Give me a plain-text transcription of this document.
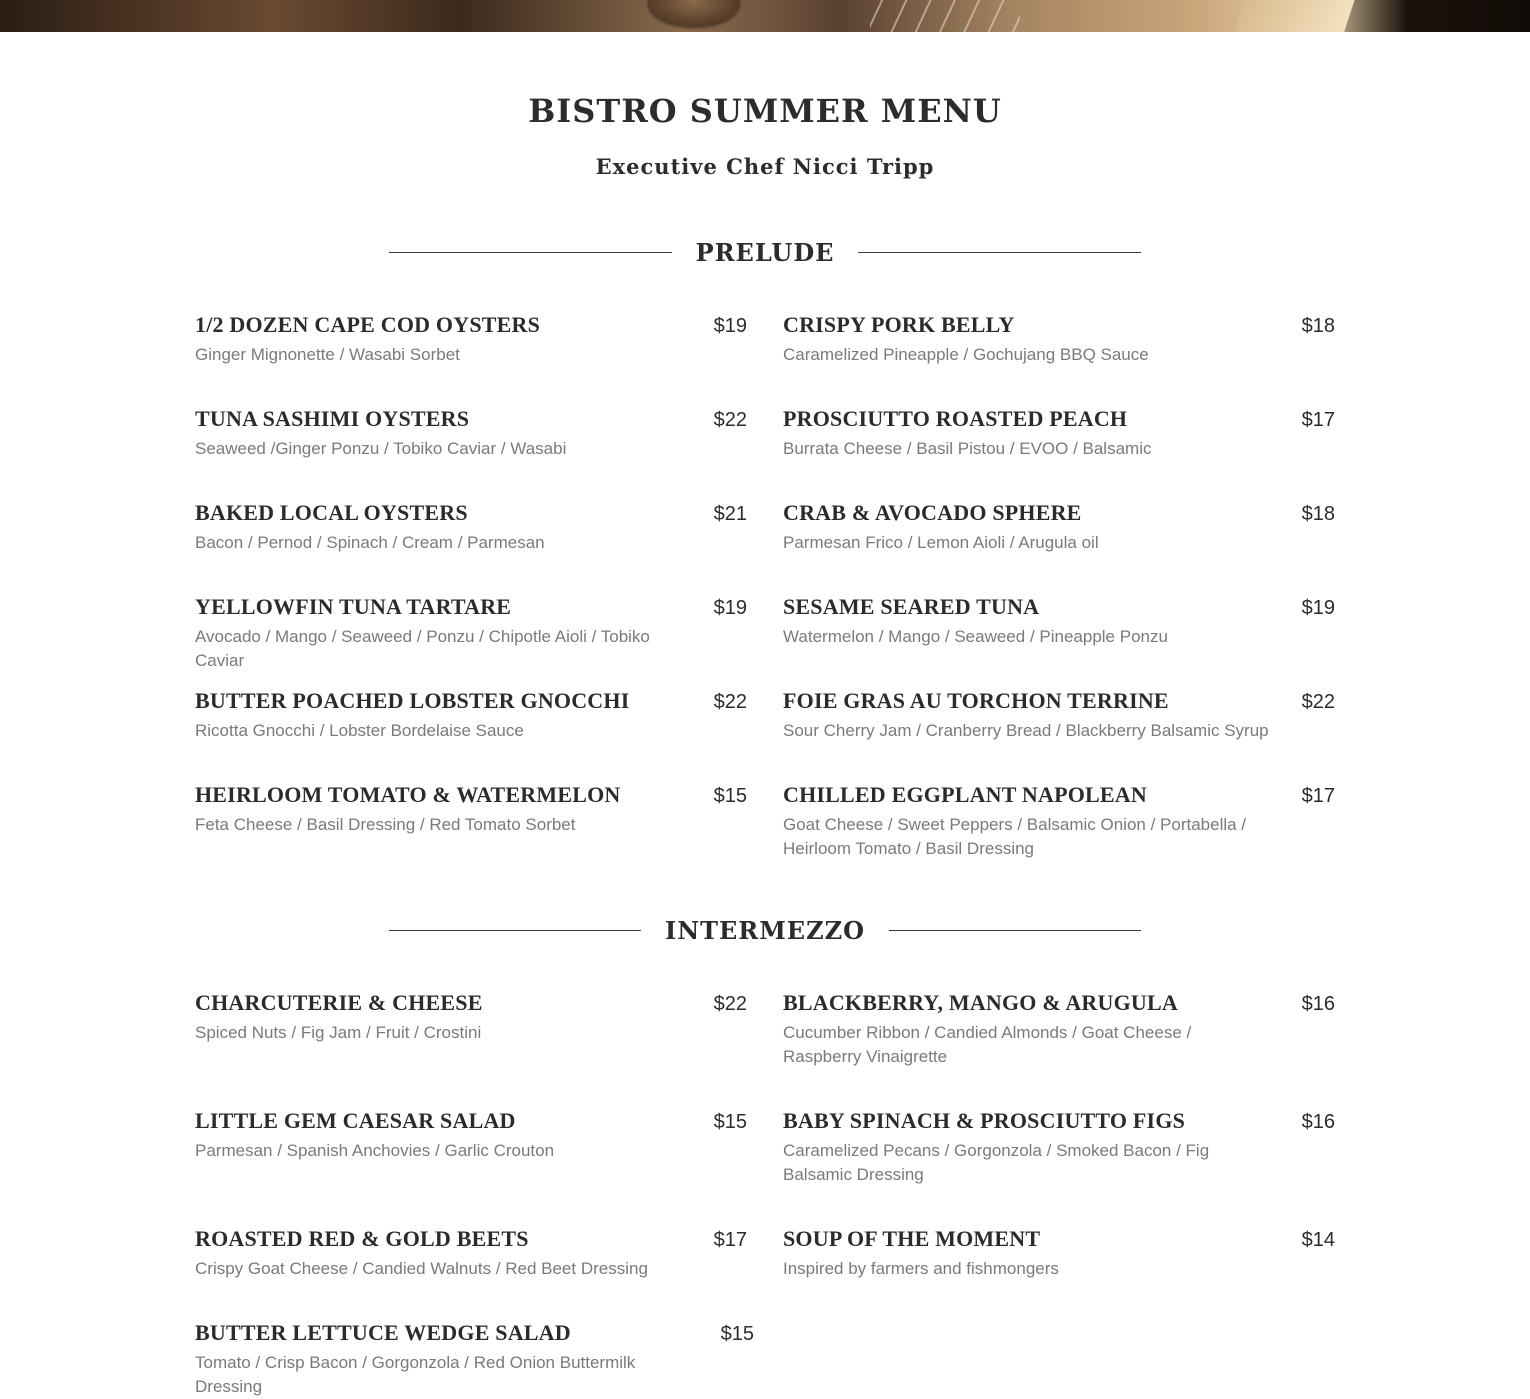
BISTRO SUMMER MENU
Executive Chef Nicci Tripp
PRELUDE
1/2 DOZEN CAPE COD OYSTERS	$19
Ginger Mignonette / Wasabi Sorbet
CRISPY PORK BELLY	$18
Caramelized Pineapple / Gochujang BBQ Sauce
TUNA SASHIMI OYSTERS	$22
Seaweed /Ginger Ponzu / Tobiko Caviar / Wasabi
PROSCIUTTO ROASTED PEACH	$17
Burrata Cheese / Basil Pistou / EVOO / Balsamic
BAKED LOCAL OYSTERS	$21
Bacon / Pernod / Spinach / Cream / Parmesan
CRAB & AVOCADO SPHERE	$18
Parmesan Frico / Lemon Aioli / Arugula oil
YELLOWFIN TUNA TARTARE	$19
Avocado / Mango / Seaweed / Ponzu / Chipotle Aioli / Tobiko Caviar
SESAME SEARED TUNA	$19
Watermelon / Mango / Seaweed / Pineapple Ponzu
BUTTER POACHED LOBSTER GNOCCHI	$22
Ricotta Gnocchi / Lobster Bordelaise Sauce
FOIE GRAS AU TORCHON TERRINE	$22
Sour Cherry Jam / Cranberry Bread / Blackberry Balsamic Syrup
HEIRLOOM TOMATO & WATERMELON	$15
Feta Cheese / Basil Dressing / Red Tomato Sorbet
CHILLED EGGPLANT NAPOLEAN	$17
Goat Cheese / Sweet Peppers / Balsamic Onion / Portabella / Heirloom Tomato / Basil Dressing
INTERMEZZO
CHARCUTERIE & CHEESE	$22
Spiced Nuts / Fig Jam / Fruit / Crostini
BLACKBERRY, MANGO & ARUGULA	$16
Cucumber Ribbon / Candied Almonds / Goat Cheese / Raspberry Vinaigrette
LITTLE GEM CAESAR SALAD	$15
Parmesan / Spanish Anchovies / Garlic Crouton
BABY SPINACH & PROSCIUTTO FIGS	$16
Caramelized Pecans / Gorgonzola / Smoked Bacon / Fig Balsamic Dressing
ROASTED RED & GOLD BEETS	$17
Crispy Goat Cheese / Candied Walnuts / Red Beet Dressing
SOUP OF THE MOMENT	$14
Inspired by farmers and fishmongers
BUTTER LETTUCE WEDGE SALAD	$15
Tomato / Crisp Bacon / Gorgonzola / Red Onion Buttermilk Dressing
